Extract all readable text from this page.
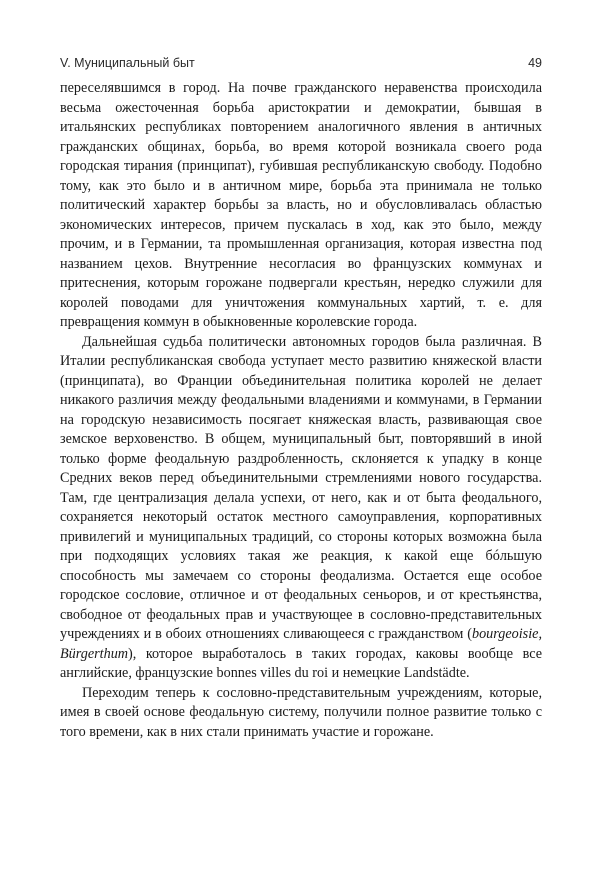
V. Муниципальный быт	49

переселявшимся в город. На почве гражданского неравенства происходила весьма ожесточенная борьба аристократии и демократии, бывшая в итальянских республиках повторением аналогичного явления в античных гражданских общинах, борьба, во время которой возникала своего рода городская тирания (принципат), губившая республиканскую свободу. Подобно тому, как это было и в античном мире, борьба эта принимала не только политический характер борьбы за власть, но и обусловливалась областью экономических интересов, причем пускалась в ход, как это было, между прочим, и в Германии, та промышленная организация, которая известна под названием цехов. Внутренние несогласия во французских коммунах и притеснения, которым горожане подвергали крестьян, нередко служили для королей поводами для уничтожения коммунальных хартий, т. е. для превращения коммун в обыкновенные королевские города.

Дальнейшая судьба политически автономных городов была различная. В Италии республиканская свобода уступает место развитию княжеской власти (принципата), во Франции объединительная политика королей не делает никакого различия между феодальными владениями и коммунами, в Германии на городскую независимость посягает княжеская власть, развивающая свое земское верховенство. В общем, муниципальный быт, повторявший в иной только форме феодальную раздробленность, склоняется к упадку в конце Средних веков перед объединительными стремлениями нового государства. Там, где централизация делала успехи, от него, как и от быта феодального, сохраняется некоторый остаток местного самоуправления, корпоративных привилегий и муниципальных традиций, со стороны которых возможна была при подходящих условиях такая же реакция, к какой еще бóльшую способность мы замечаем со стороны феодализма. Остается еще особое городское сословие, отличное и от феодальных сеньоров, и от крестьянства, свободное от феодальных прав и участвующее в сословно-представительных учреждениях и в обоих отношениях сливающееся с гражданством (bourgeoisie, Bürgerthum), которое выработалось в таких городах, каковы вообще все английские, французские bonnes villes du roi и немецкие Landstädte.

Переходим теперь к сословно-представительным учреждениям, которые, имея в своей основе феодальную систему, получили полное развитие только с того времени, как в них стали принимать участие и горожане.
